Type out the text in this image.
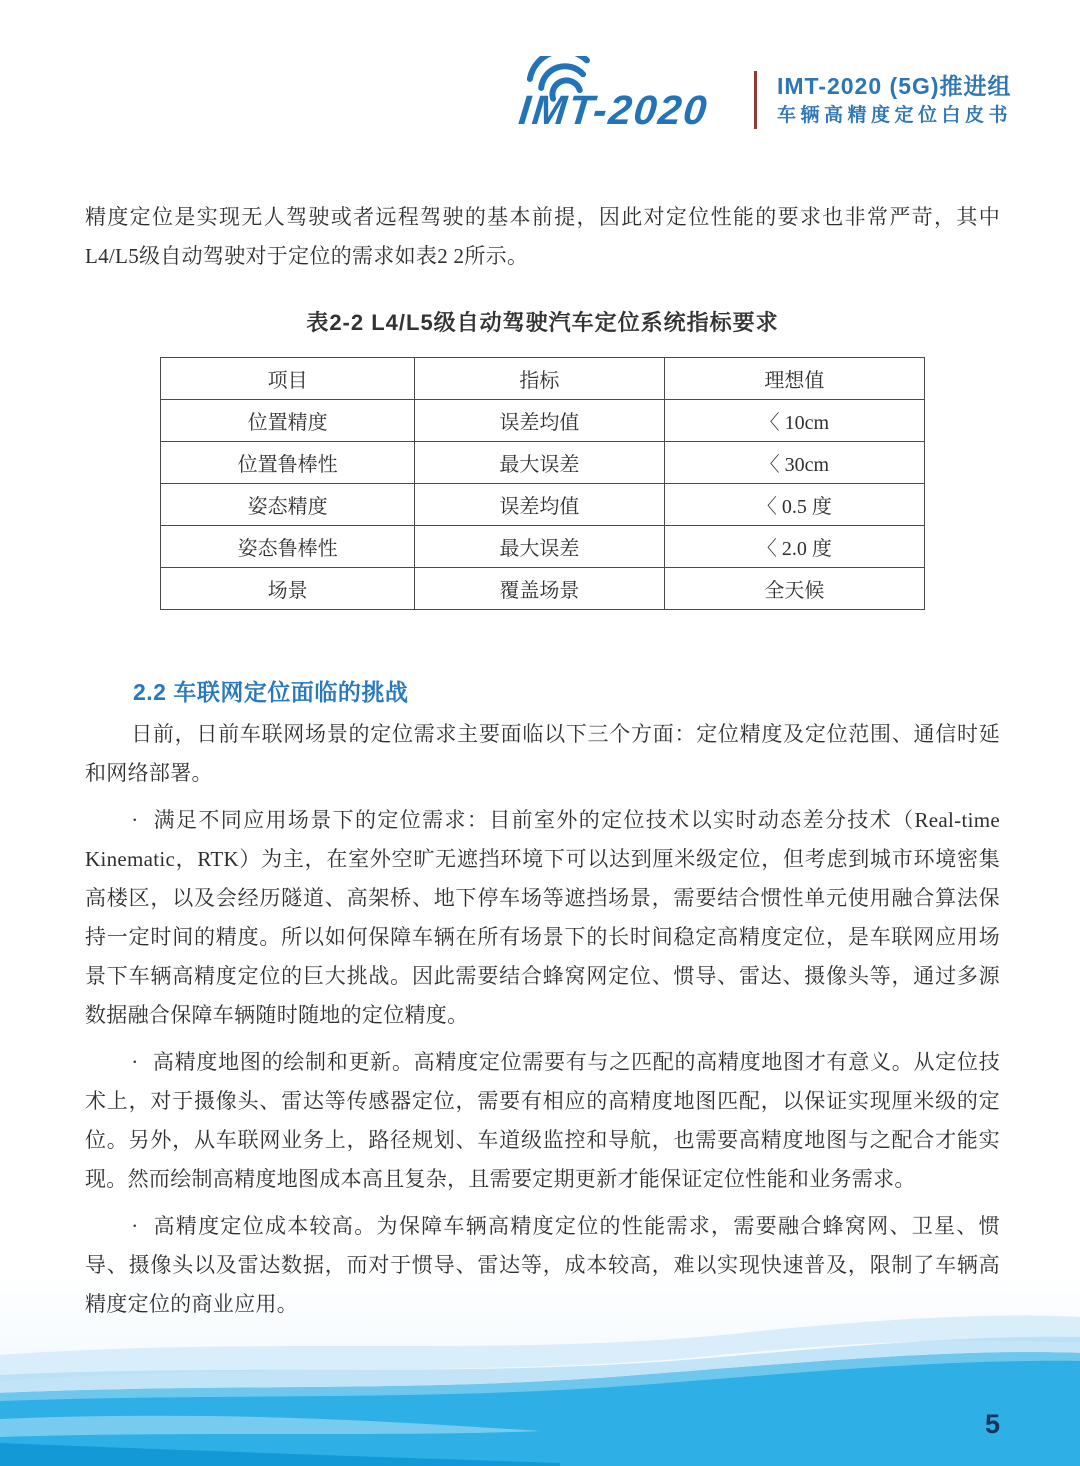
IMT-2020
IMT-2020 (5G)推进组
车辆高精度定位白皮书

精度定位是实现无人驾驶或者远程驾驶的基本前提，因此对定位性能的要求也非常严苛，其中L4/L5级自动驾驶对于定位的需求如表2 2所示。

表2-2 L4/L5级自动驾驶汽车定位系统指标要求
项目	指标	理想值
位置精度	误差均值	〈 10cm
位置鲁棒性	最大误差	〈 30cm
姿态精度	误差均值	〈 0.5 度
姿态鲁棒性	最大误差	〈 2.0 度
场景	覆盖场景	全天候
2.2 车联网定位面临的挑战

日前，日前车联网场景的定位需求主要面临以下三个方面：定位精度及定位范围、通信时延和网络部署。

· 满足不同应用场景下的定位需求：目前室外的定位技术以实时动态差分技术（Real-time Kinematic，RTK）为主，在室外空旷无遮挡环境下可以达到厘米级定位，但考虑到城市环境密集高楼区，以及会经历隧道、高架桥、地下停车场等遮挡场景，需要结合惯性单元使用融合算法保持一定时间的精度。所以如何保障车辆在所有场景下的长时间稳定高精度定位，是车联网应用场景下车辆高精度定位的巨大挑战。因此需要结合蜂窝网定位、惯导、雷达、摄像头等，通过多源数据融合保障车辆随时随地的定位精度。

· 高精度地图的绘制和更新。高精度定位需要有与之匹配的高精度地图才有意义。从定位技术上，对于摄像头、雷达等传感器定位，需要有相应的高精度地图匹配，以保证实现厘米级的定位。另外，从车联网业务上，路径规划、车道级监控和导航，也需要高精度地图与之配合才能实现。然而绘制高精度地图成本高且复杂，且需要定期更新才能保证定位性能和业务需求。

· 高精度定位成本较高。为保障车辆高精度定位的性能需求，需要融合蜂窝网、卫星、惯导、摄像头以及雷达数据，而对于惯导、雷达等，成本较高，难以实现快速普及，限制了车辆高精度定位的商业应用。

5
